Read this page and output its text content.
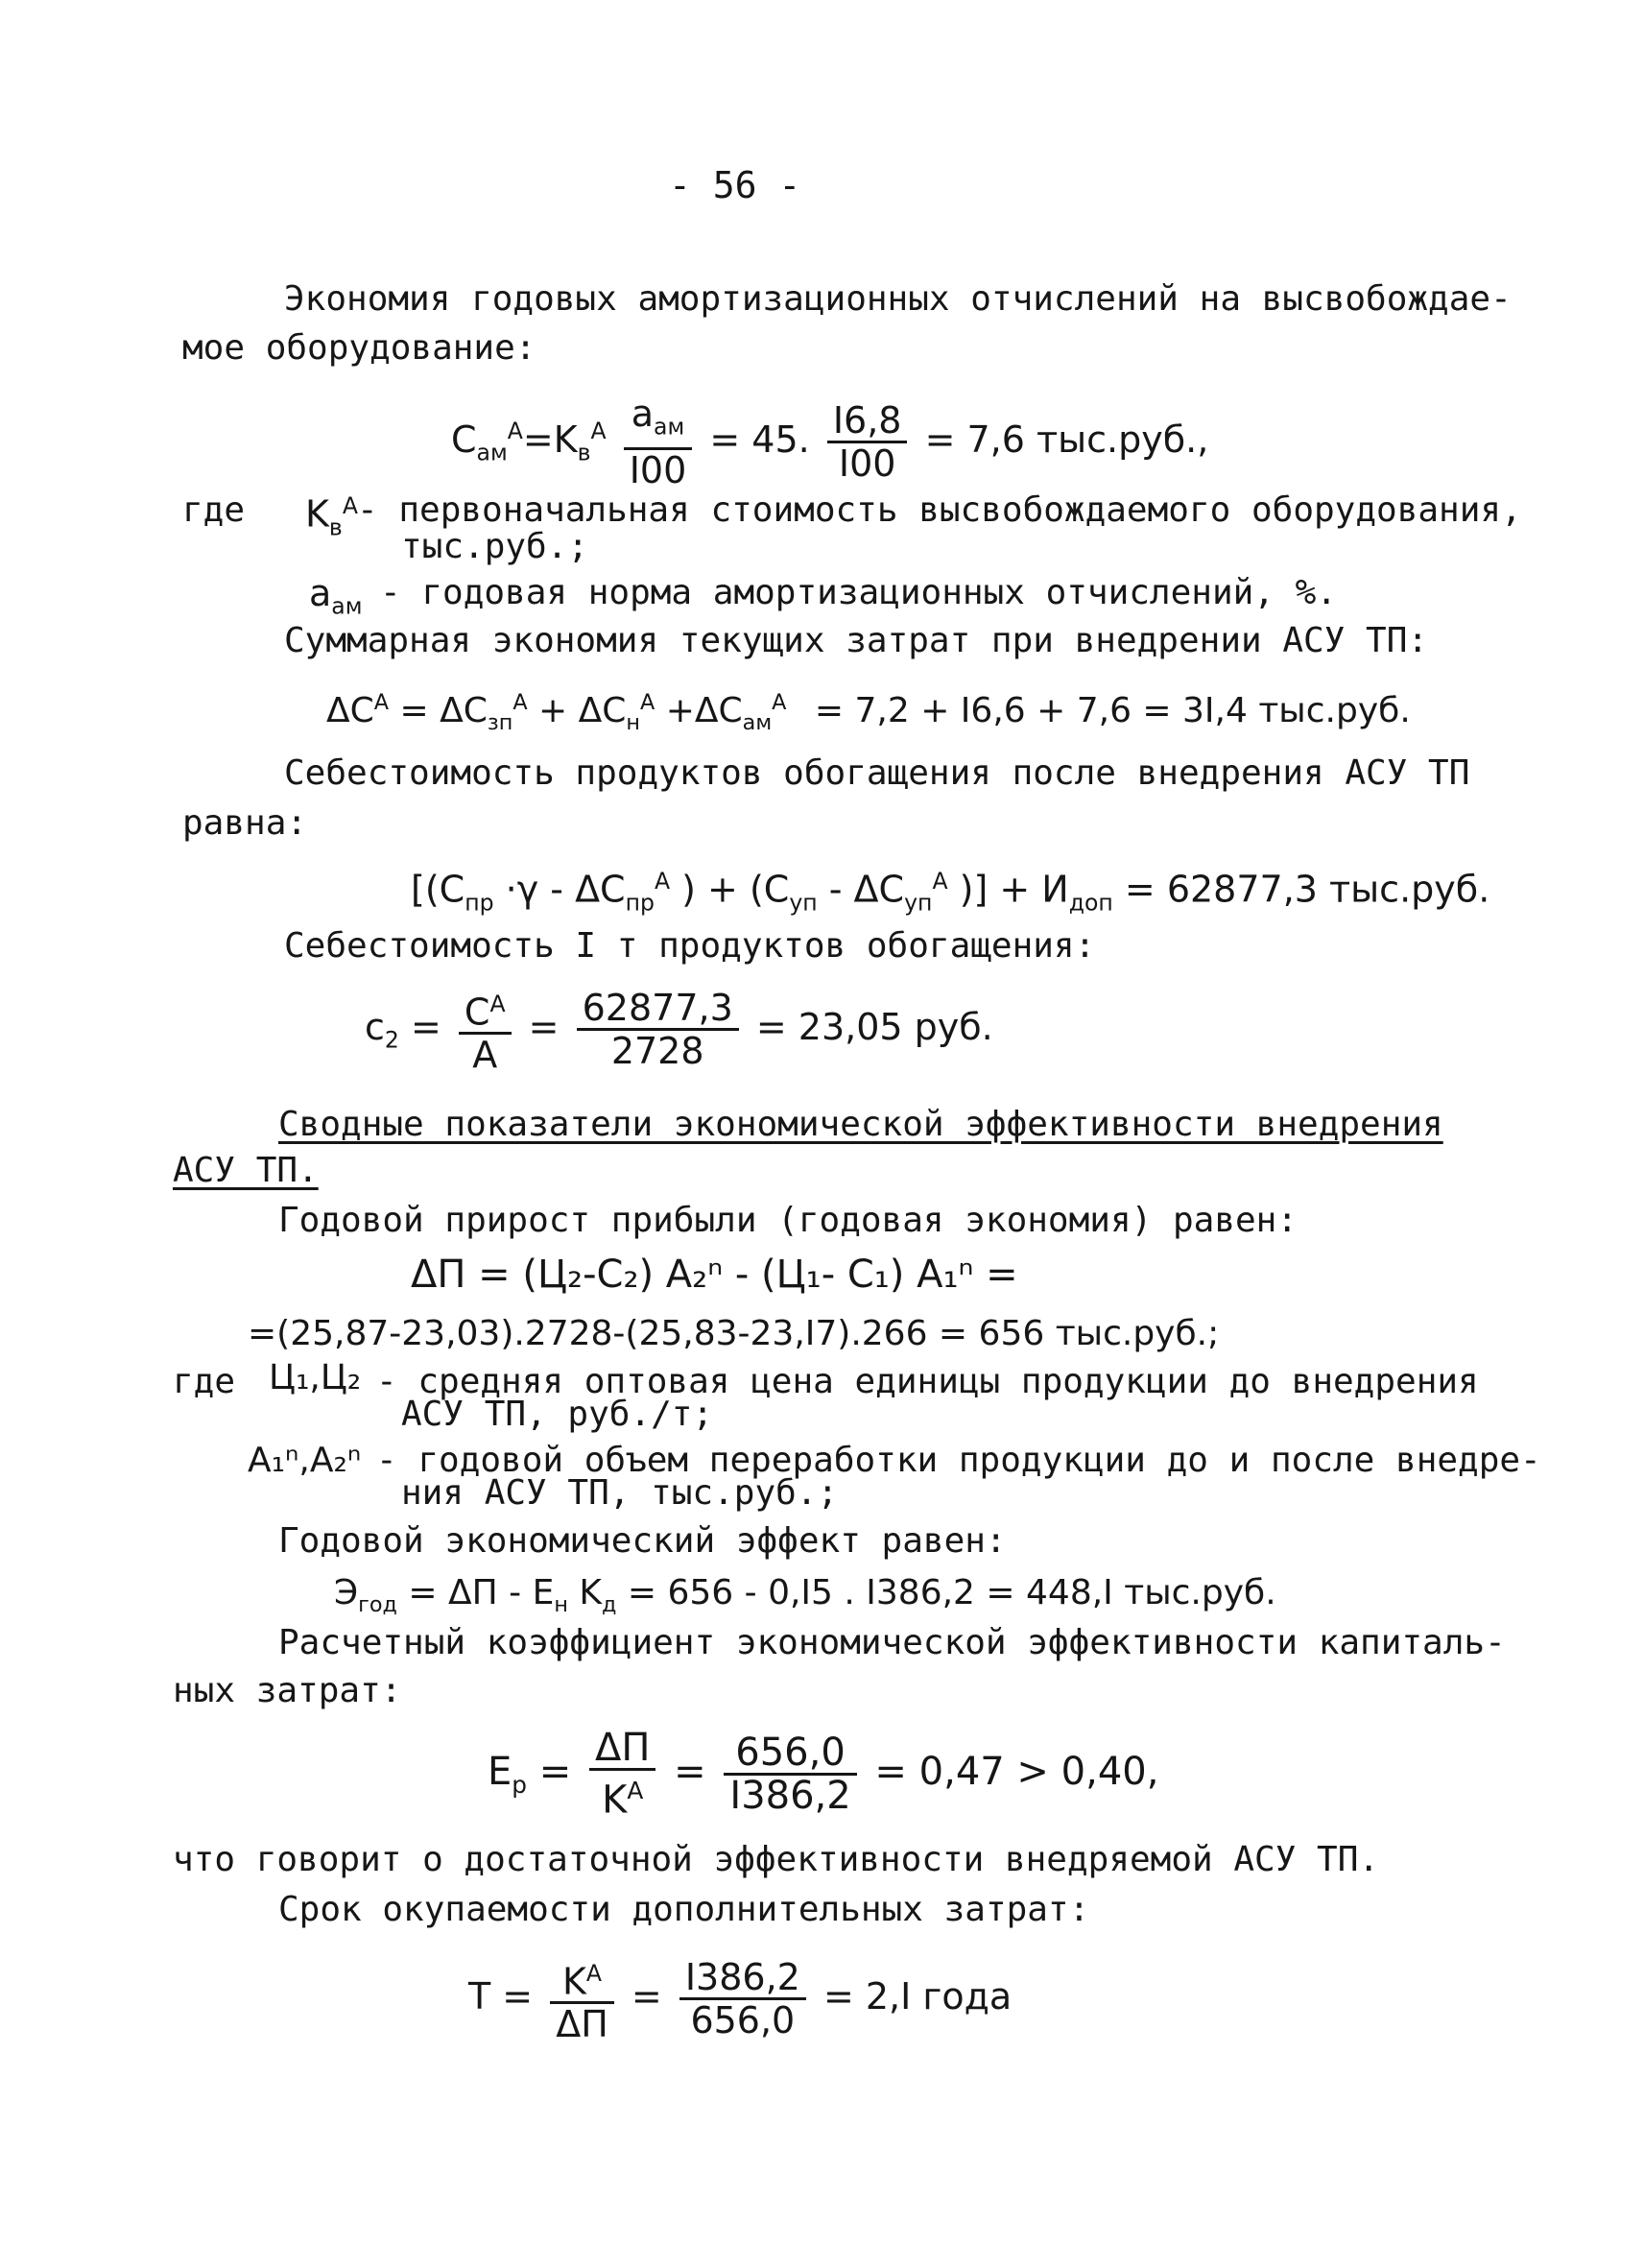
- 56 -
Экономия годовых амортизационных отчислений на высвобождае-
мое оборудование:
$C_{ам}^A=K_в^A \frac{a_{ам}}{I00} = 45$. $\frac{I6,8}{I00} = 7,6$ тыс.руб.,
где $K_в^A$ - первоначальная стоимость высвобождаемого оборудования,
тыс.руб.;
$a_{ам}$ - годовая норма амортизационных отчислений, %.
Суммарная экономия текущих затрат при внедрении АСУ ТП:
$\Delta C^A = \Delta C_{зп}^A + \Delta C_н^A +\Delta C_{ам}^A = 7,2 + I6,6 + 7,6 = 3I,4$ тыс.руб.
Себестоимость продуктов обогащения после внедрения АСУ ТП
равна:
[($C_{пр} \cdot\gamma - \Delta C_{пр}^A$ ) + ($C_{уп} - \Delta C_{уп}^A$ )] + $И_{доп} = 62877,3$ тыс.руб.
Себестоимость I т продуктов обогащения:
$c_2 = \frac{C^A}{A} = \frac{62877,3}{2728} = 23,05$ руб.
Сводные показатели экономической эффективности внедрения
АСУ ТП.
Годовой прирост прибыли (годовая экономия) равен:
ΔП = (Ц₂-C₂) A₂ⁿ - (Ц₁- C₁) A₁ⁿ =
=(25,87-23,03).2728-(25,83-23,I7).266 = 656 тыс.руб.;
где Ц₁,Ц₂ - средняя оптовая цена единицы продукции до внедрения
АСУ ТП, руб./т;
A₁ⁿ,A₂ⁿ - годовой объем переработки продукции до и после внедре-
ния АСУ ТП, тыс.руб.;
Годовой экономический эффект равен:
$Э_{год} = \Delta П - E_н$ $K_д = 656 - 0,I5$ . I386,2 = 448,I тыс.руб.
Расчетный коэффициент экономической эффективности капиталь-
ных затрат:
$E_р = \frac{\Delta П}{K^A} = \frac{656,0}{I386,2} = 0,47 > 0,40$,
что говорит о достаточной эффективности внедряемой АСУ ТП.
Срок окупаемости дополнительных затрат:
$T = \frac{K^A}{\Delta П} = \frac{I386,2}{656,0} = 2,I$ года
